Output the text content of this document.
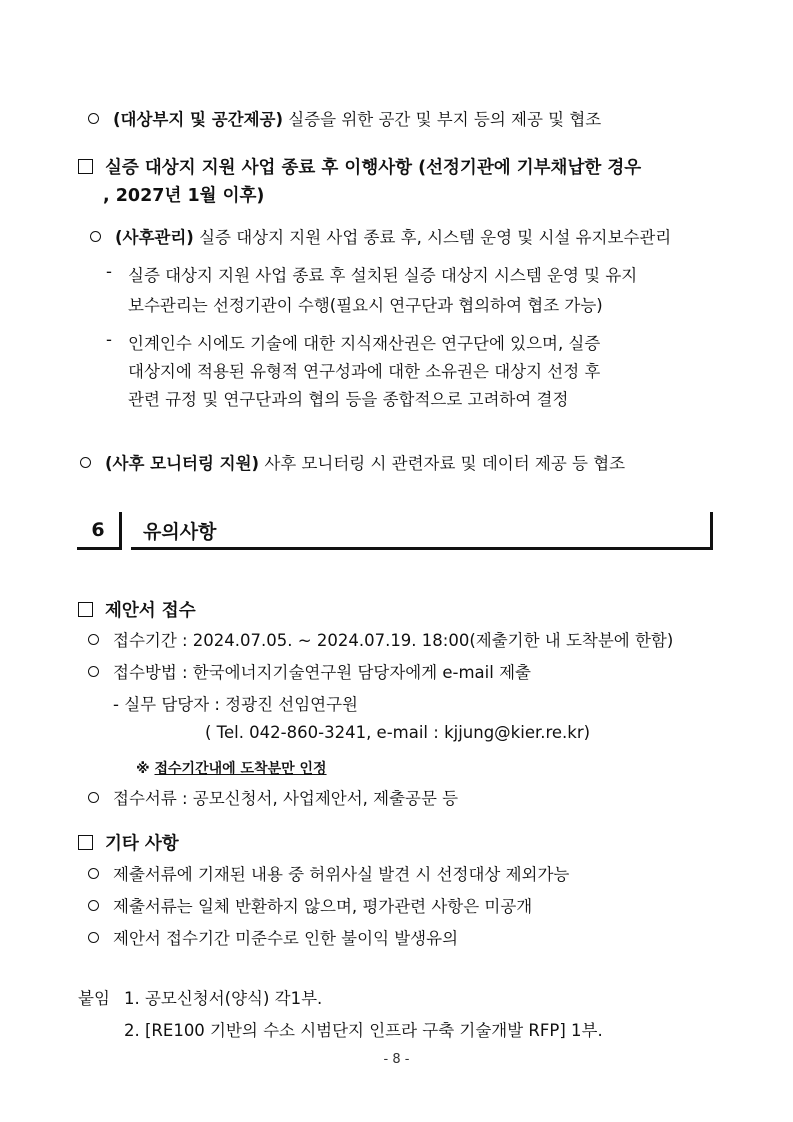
(대상부지 및 공간제공) 실증을 위한 공간 및 부지 등의 제공 및 협조
실증 대상지 지원 사업 종료 후 이행사항 (선정기관에 기부채납한 경우
, 2027년 1월 이후)
(사후관리) 실증 대상지 지원 사업 종료 후, 시스템 운영 및 시설 유지보수관리
- 실증 대상지 지원 사업 종료 후 설치된 실증 대상지 시스템 운영 및 유지
보수관리는 선정기관이 수행(필요시 연구단과 협의하여 협조 가능)
- 인계인수 시에도 기술에 대한 지식재산권은 연구단에 있으며, 실증
대상지에 적용된 유형적 연구성과에 대한 소유권은 대상지 선정 후
관련 규정 및 연구단과의 협의 등을 종합적으로 고려하여 결정
(사후 모니터링 지원) 사후 모니터링 시 관련자료 및 데이터 제공 등 협조
6	유의사항
제안서 접수
접수기간 : 2024.07.05. ~ 2024.07.19. 18:00(제출기한 내 도착분에 한함)
접수방법 : 한국에너지기술연구원 담당자에게 e-mail 제출
- 실무 담당자 : 정광진 선임연구원
( Tel. 042-860-3241, e-mail : kjjung@kier.re.kr)
※ 접수기간내에 도착분만 인정
접수서류 : 공모신청서, 사업제안서, 제출공문 등
기타 사항
제출서류에 기재된 내용 중 허위사실 발견 시 선정대상 제외가능
제출서류는 일체 반환하지 않으며, 평가관련 사항은 미공개
제안서 접수기간 미준수로 인한 불이익 발생유의
붙임 1. 공모신청서(양식) 각1부.
2. [RE100 기반의 수소 시범단지 인프라 구축 기술개발 RFP] 1부.
- 8 -
